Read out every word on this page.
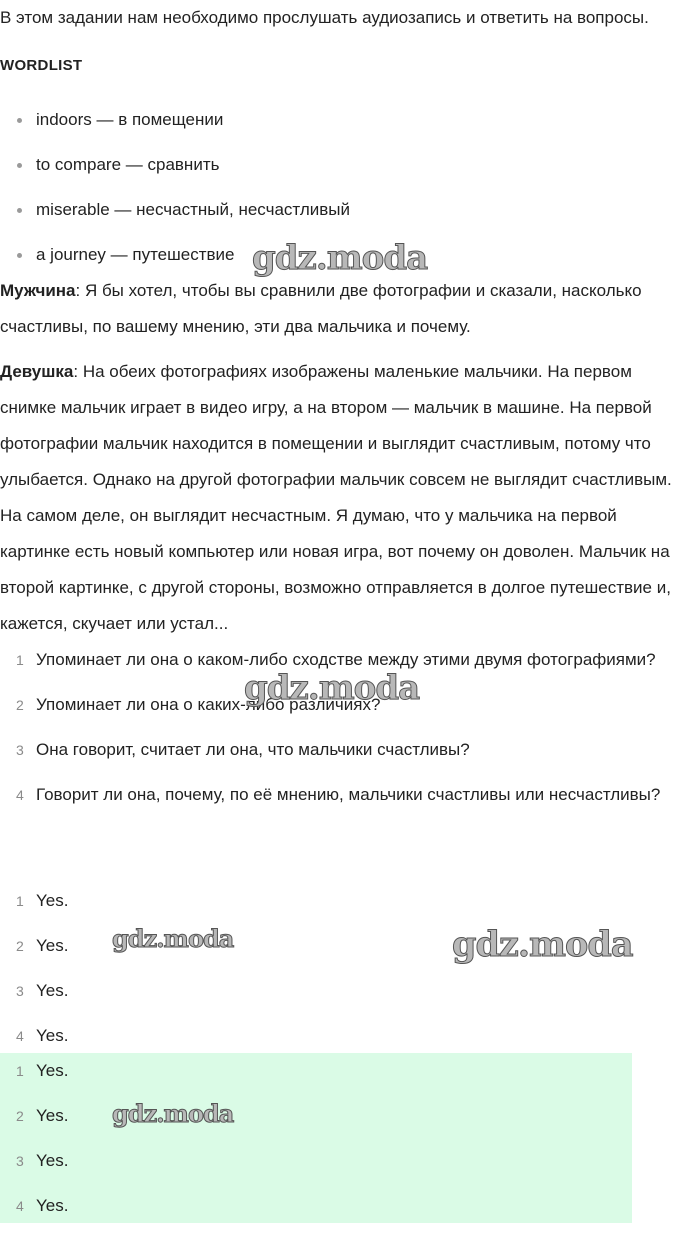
В этом задании нам необходимо прослушать аудиозапись и ответить на вопросы.
WORDLIST
indoors — в помещении
to compare — сравнить
miserable — несчастный, несчастливый
a journey — путешествие
Мужчина: Я бы хотел, чтобы вы сравнили две фотографии и сказали, насколько счастливы, по вашему мнению, эти два мальчика и почему.
Девушка: На обеих фотографиях изображены маленькие мальчики. На первом снимке мальчик играет в видео игру, а на втором — мальчик в машине. На первой фотографии мальчик находится в помещении и выглядит счастливым, потому что улыбается. Однако на другой фотографии мальчик совсем не выглядит счастливым. На самом деле, он выглядит несчастным. Я думаю, что у мальчика на первой картинке есть новый компьютер или новая игра, вот почему он доволен. Мальчик на второй картинке, с другой стороны, возможно отправляется в долгое путешествие и, кажется, скучает или устал...
1 Упоминает ли она о каком-либо сходстве между этими двумя фотографиями?
2 Упоминает ли она о каких-либо различиях?
3 Она говорит, считает ли она, что мальчики счастливы?
4 Говорит ли она, почему, по её мнению, мальчики счастливы или несчастливы?
1 Yes.
2 Yes.
3 Yes.
4 Yes.
1 Yes.
2 Yes.
3 Yes.
4 Yes.
gdz.moda
gdz.moda
gdz.moda	gdz.moda
gdz.moda
